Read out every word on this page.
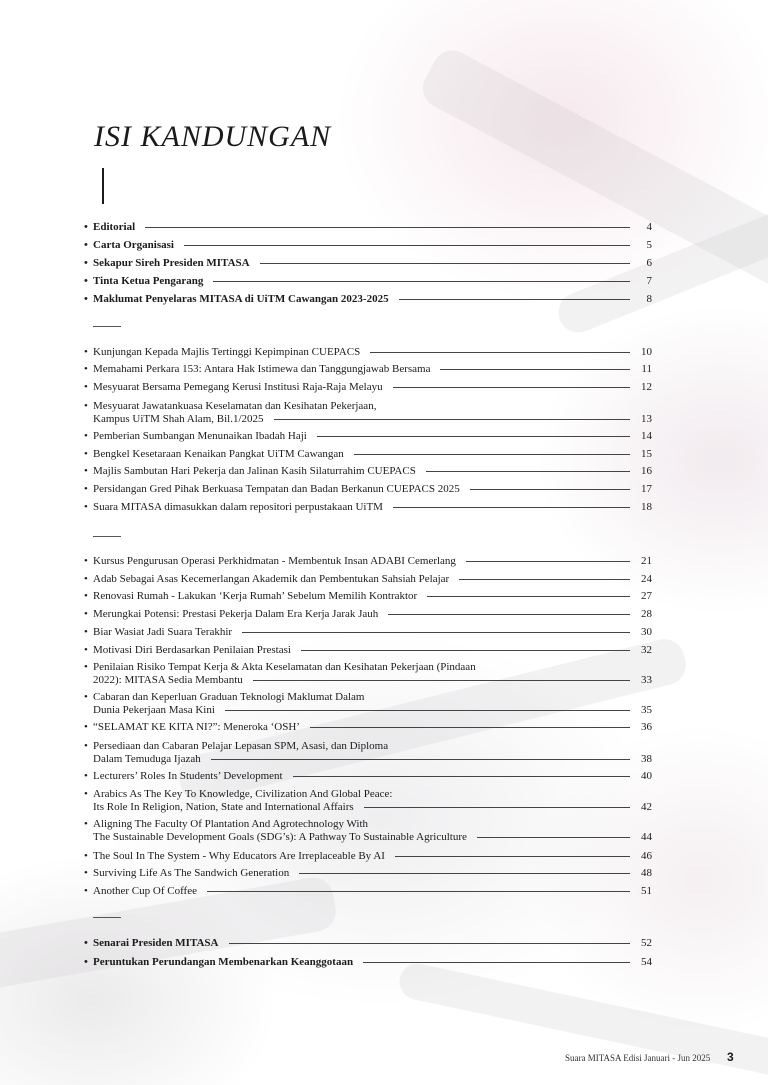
ISI KANDUNGAN
• Editorial	4
• Carta Organisasi	5
• Sekapur Sireh Presiden MITASA	6
• Tinta Ketua Pengarang	7
• Maklumat Penyelaras MITASA di UiTM Cawangan 2023-2025	8
• Kunjungan Kepada Majlis Tertinggi Kepimpinan CUEPACS	10
• Memahami Perkara 153: Antara Hak Istimewa dan Tanggungjawab Bersama	11
• Mesyuarat Bersama Pemegang Kerusi Institusi Raja-Raja Melayu	12
• Mesyuarat Jawatankuasa Keselamatan dan Kesihatan Pekerjaan,
Kampus UiTM Shah Alam, Bil.1/2025	13
• Pemberian Sumbangan Menunaikan Ibadah Haji	14
• Bengkel Kesetaraan Kenaikan Pangkat UiTM Cawangan	15
• Majlis Sambutan Hari Pekerja dan Jalinan Kasih Silaturrahim CUEPACS	16
• Persidangan Gred Pihak Berkuasa Tempatan dan Badan Berkanun CUEPACS 2025	17
• Suara MITASA dimasukkan dalam repositori perpustakaan UiTM	18
• Kursus Pengurusan Operasi Perkhidmatan - Membentuk Insan ADABI Cemerlang	21
• Adab Sebagai Asas Kecemerlangan Akademik dan Pembentukan Sahsiah Pelajar	24
• Renovasi Rumah - Lakukan ‘Kerja Rumah’ Sebelum Memilih Kontraktor	27
• Merungkai Potensi: Prestasi Pekerja Dalam Era Kerja Jarak Jauh	28
• Biar Wasiat Jadi Suara Terakhir	30
• Motivasi Diri Berdasarkan Penilaian Prestasi	32
• Penilaian Risiko Tempat Kerja & Akta Keselamatan dan Kesihatan Pekerjaan (Pindaan
2022): MITASA Sedia Membantu	33
• Cabaran dan Keperluan Graduan Teknologi Maklumat Dalam
Dunia Pekerjaan Masa Kini	35
• “SELAMAT KE KITA NI?”: Meneroka ‘OSH’	36
• Persediaan dan Cabaran Pelajar Lepasan SPM, Asasi, dan Diploma
Dalam Temuduga Ijazah	38
• Lecturers’ Roles In Students’ Development	40
• Arabics As The Key To Knowledge, Civilization And Global Peace:
Its Role In Religion, Nation, State and International Affairs	42
• Aligning The Faculty Of Plantation And Agrotechnology With
The Sustainable Development Goals (SDG’s): A Pathway To Sustainable Agriculture	44
• The Soul In The System - Why Educators Are Irreplaceable By AI	46
• Surviving Life As The Sandwich Generation	48
• Another Cup Of Coffee	51
• Senarai Presiden MITASA	52
• Peruntukan Perundangan Membenarkan Keanggotaan	54
Suara MITASA Edisi Januari - Jun 2025 3
